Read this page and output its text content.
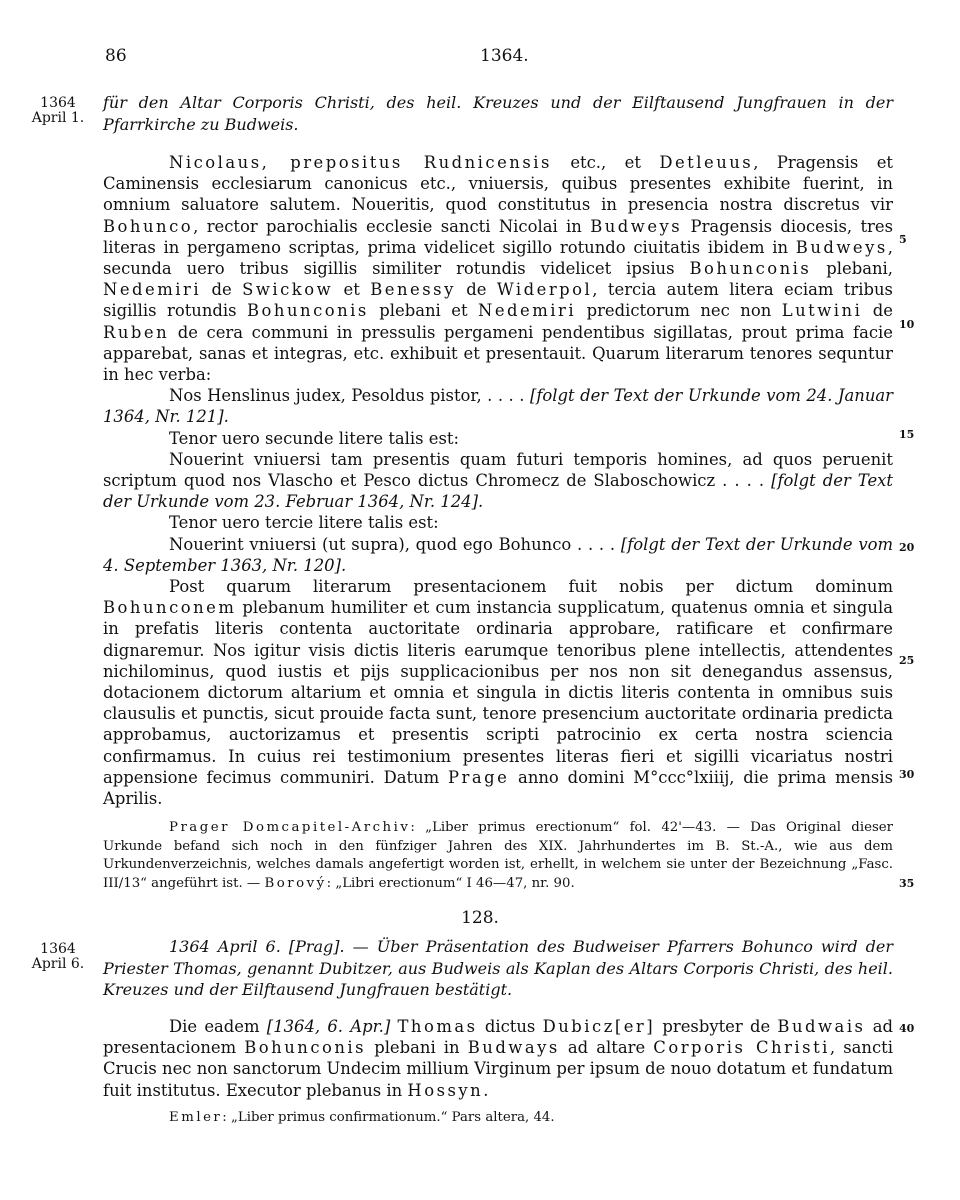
86	1364.
1364
April 1.
für den Altar Corporis Christi, des heil. Kreuzes und der Eilftausend Jungfrauen in der Pfarrkirche zu Budweis.

Nicolaus, prepositus Rudnicensis etc., et Detleuus, Pragensis et Caminensis ecclesiarum canonicus etc., vniuersis, quibus presentes exhibite fuerint, in omnium saluatore salutem. Noueritis, quod constitutus in presencia nostra discretus vir Bohunco, rector parochialis ecclesie sancti Nicolai in Budweys Pragensis diocesis, tres literas in pergameno scriptas, prima videlicet sigillo rotundo ciuitatis ibidem in Budweys, secunda uero tribus sigillis similiter rotundis videlicet ipsius Bohunconis plebani, Nedemiri de Swickow et Benessy de Widerpol, tercia autem litera eciam tribus sigillis rotundis Bohunconis plebani et Nedemiri predictorum nec non Lutwini de Ruben de cera communi in pressulis pergameni pendentibus sigillatas, prout prima facie apparebat, sanas et integras, etc. exhibuit et presentauit. Quarum literarum tenores sequntur in hec verba:

Nos Henslinus judex, Pesoldus pistor, . . . . [folgt der Text der Urkunde vom 24. Januar 1364, Nr. 121].

Tenor uero secunde litere talis est:

Nouerint vniuersi tam presentis quam futuri temporis homines, ad quos peruenit scriptum quod nos Vlascho et Pesco dictus Chromecz de Slaboschowicz . . . . [folgt der Text der Urkunde vom 23. Februar 1364, Nr. 124].

Tenor uero tercie litere talis est:

Nouerint vniuersi (ut supra), quod ego Bohunco . . . . [folgt der Text der Urkunde vom 4. September 1363, Nr. 120].

Post quarum literarum presentacionem fuit nobis per dictum dominum Bohunconem plebanum humiliter et cum instancia supplicatum, quatenus omnia et singula in prefatis literis contenta auctoritate ordinaria approbare, ratificare et confirmare dignaremur. Nos igitur visis dictis literis earumque tenoribus plene intellectis, attendentes nichilominus, quod iustis et pijs supplicacionibus per nos non sit denegandus assensus, dotacionem dictorum altarium et omnia et singula in dictis literis contenta in omnibus suis clausulis et punctis, sicut prouide facta sunt, tenore presencium auctoritate ordinaria predicta approbamus, auctorizamus et presentis scripti patrocinio ex certa nostra sciencia confirmamus. In cuius rei testimonium presentes literas fieri et sigilli vicariatus nostri appensione fecimus communiri. Datum Prage anno domini M°ccc°lxiiij, die prima mensis Aprilis.

Prager Domcapitel-Archiv: „Liber primus erectionum“ fol. 42'—43. — Das Original dieser Urkunde befand sich noch in den fünfziger Jahren des XIX. Jahrhundertes im B. St.-A., wie aus dem Urkundenverzeichnis, welches damals angefertigt worden ist, erhellt, in welchem sie unter der Bezeichnung „Fasc. III/13“ angeführt ist. — Borový: „Libri erectionum“ I 46—47, nr. 90.

128.
1364
April 6.
1364 April 6. [Prag]. — Über Präsentation des Budweiser Pfarrers Bohunco wird der Priester Thomas, genannt Dubitzer, aus Budweis als Kaplan des Altars Corporis Christi, des heil. Kreuzes und der Eilftausend Jungfrauen bestätigt.

Die eadem [1364, 6. Apr.] Thomas dictus Dubicz[er] presbyter de Budwais ad presentacionem Bohunconis plebani in Budways ad altare Corporis Christi, sancti Crucis nec non sanctorum Undecim millium Virginum per ipsum de nouo dotatum et fundatum fuit institutus. Executor plebanus in Hossyn.

Emler: „Liber primus confirmationum.“ Pars altera, 44.

5
10
15
20
25
30
35
40
